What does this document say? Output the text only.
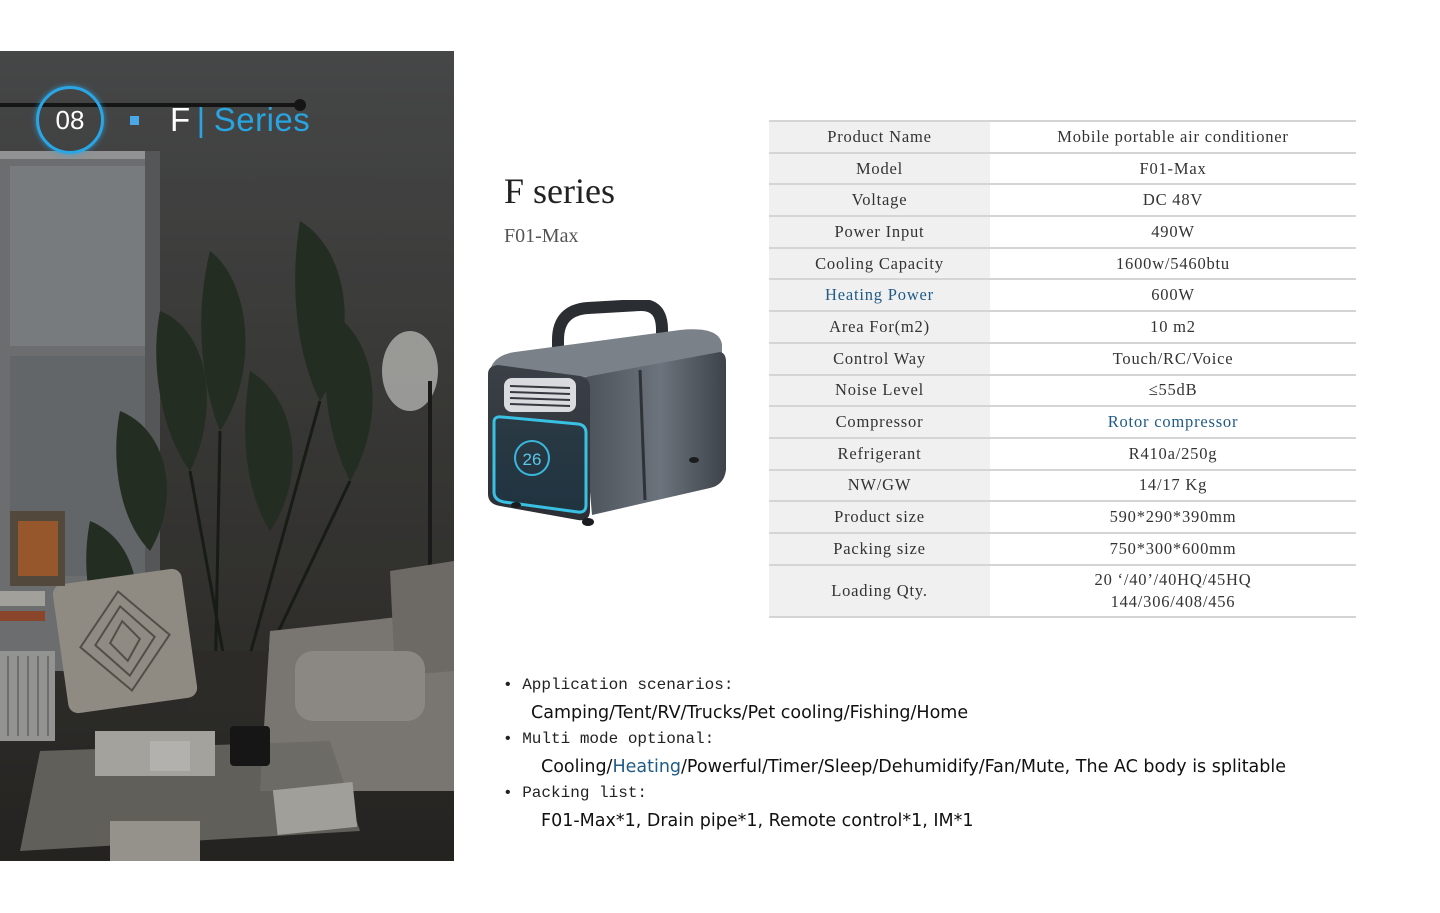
08	F | Series
F series
F01-Max
26
Product Name	Mobile portable air conditioner
Model	F01-Max
Voltage	DC 48V
Power Input	490W
Cooling Capacity	1600w/5460btu
Heating Power	600W
Area For(m2)	10 m2
Control Way	Touch/RC/Voice
Noise Level	≤55dB
Compressor	Rotor compressor
Refrigerant	R410a/250g
NW/GW	14/17 Kg
Product size	590*290*390mm
Packing size	750*300*600mm
Loading Qty.	20 ‘/40’/40HQ/45HQ
144/306/408/456
• Application scenarios:
Camping/Tent/RV/Trucks/Pet cooling/Fishing/Home
• Multi mode optional:
Cooling/Heating/Powerful/Timer/Sleep/Dehumidify/Fan/Mute, The AC body is splitable
• Packing list:
F01-Max*1, Drain pipe*1, Remote control*1, IM*1
